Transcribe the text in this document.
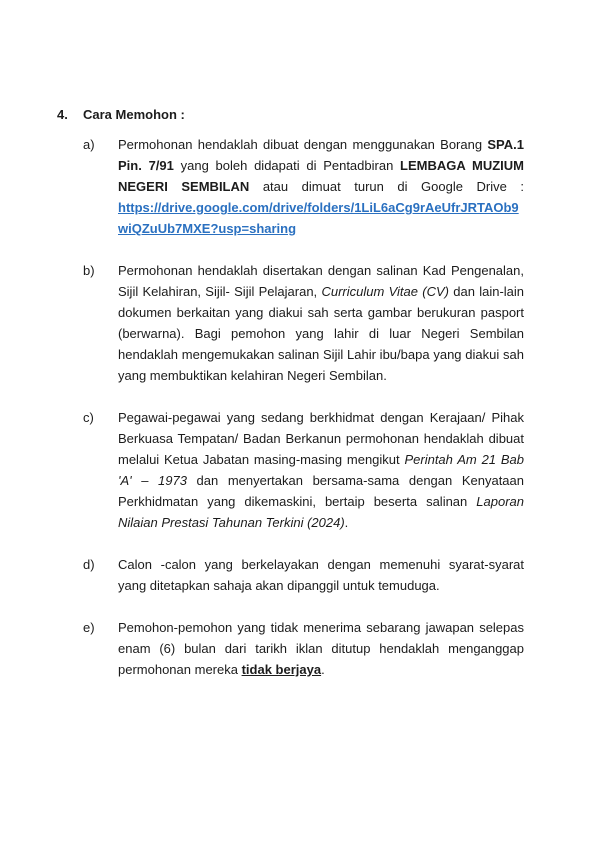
4.	Cara Memohon :
a)	Permohonan hendaklah dibuat dengan menggunakan Borang SPA.1 Pin. 7/91 yang boleh didapati di Pentadbiran LEMBAGA MUZIUM NEGERI SEMBILAN atau dimuat turun di Google Drive : https://drive.google.com/drive/folders/1LiL6aCg9rAeUfrJRTAOb9wiQZuUb7MXE?usp=sharing

b)	Permohonan hendaklah disertakan dengan salinan Kad Pengenalan, Sijil Kelahiran, Sijil- Sijil Pelajaran, Curriculum Vitae (CV) dan lain-lain dokumen berkaitan yang diakui sah serta gambar berukuran pasport (berwarna). Bagi pemohon yang lahir di luar Negeri Sembilan hendaklah mengemukakan salinan Sijil Lahir ibu/bapa yang diakui sah yang membuktikan kelahiran Negeri Sembilan.

c)	Pegawai-pegawai yang sedang berkhidmat dengan Kerajaan/ Pihak Berkuasa Tempatan/ Badan Berkanun permohonan hendaklah dibuat melalui Ketua Jabatan masing-masing mengikut Perintah Am 21 Bab 'A' – 1973 dan menyertakan bersama-sama dengan Kenyataan Perkhidmatan yang dikemaskini, bertaip beserta salinan Laporan Nilaian Prestasi Tahunan Terkini (2024).

d)	Calon -calon yang berkelayakan dengan memenuhi syarat-syarat yang ditetapkan sahaja akan dipanggil untuk temuduga.

e)	Pemohon-pemohon yang tidak menerima sebarang jawapan selepas enam (6) bulan dari tarikh iklan ditutup hendaklah menganggap permohonan mereka tidak berjaya.
